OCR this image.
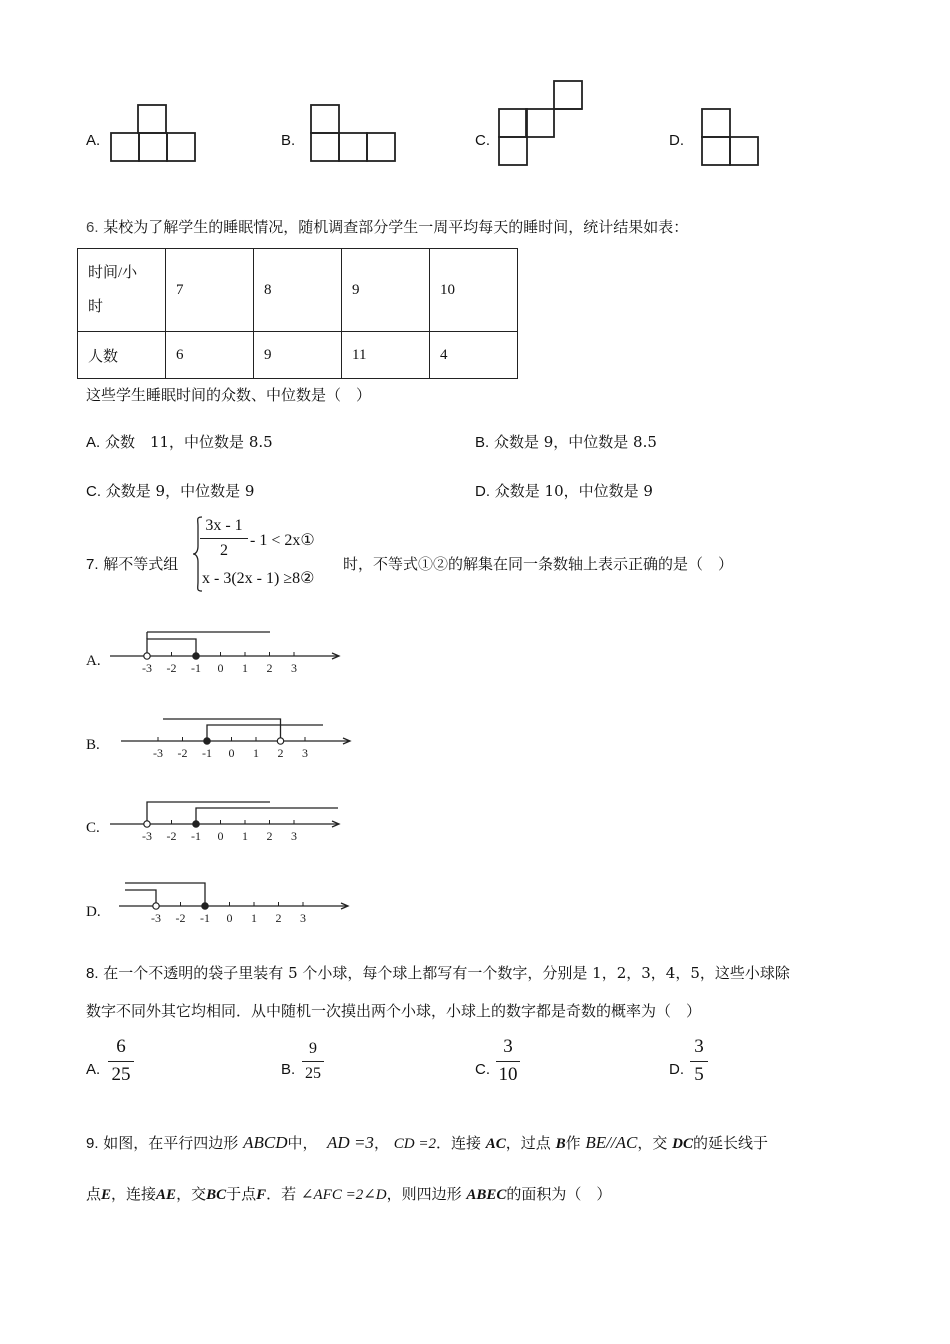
A.	B.	C.	D.
6. 某校为了解学生的睡眠情况，随机调查部分学生一周平均每天的睡时间，统计结果如表：
时间/小
时	7	8	9	10
人数	6	9	11	4
这些学生睡眠时间的众数、中位数是（　）
A. 众数　11，中位数是 8.5	B. 众数是 9，中位数是 8.5
C. 众数是 9，中位数是 9	D. 众数是 10，中位数是 9
7. 解不等式组
3x - 1
2
- 1 < 2x①
x - 3(2x - 1) ≥8②
时，不等式①②的解集在同一条数轴上表示正确的是（　）
A.	-3 -2 -1 0 1 2 3
B.	-3 -2 -1 0 1 2 3
C.	-3 -2 -1 0 1 2 3
D.	-3 -2 -1 0 1 2 3
8. 在一个不透明的袋子里装有 5 个小球，每个球上都写有一个数字，分别是 1，2，3，4，5，这些小球除
数字不同外其它均相同．从中随机一次摸出两个小球，小球上的数字都是奇数的概率为（　）
A.
6
25	B.
9
25	C.
3
10	D.
3
5
9. 如图，在平行四边形 ABCD中， AD =3， CD =2．连接 AC，过点 B作 BE//AC，交 DC的延长线于
点E，连接AE，交BC于点F．若 ∠AFC =2∠D，则四边形 ABEC的面积为（　）
